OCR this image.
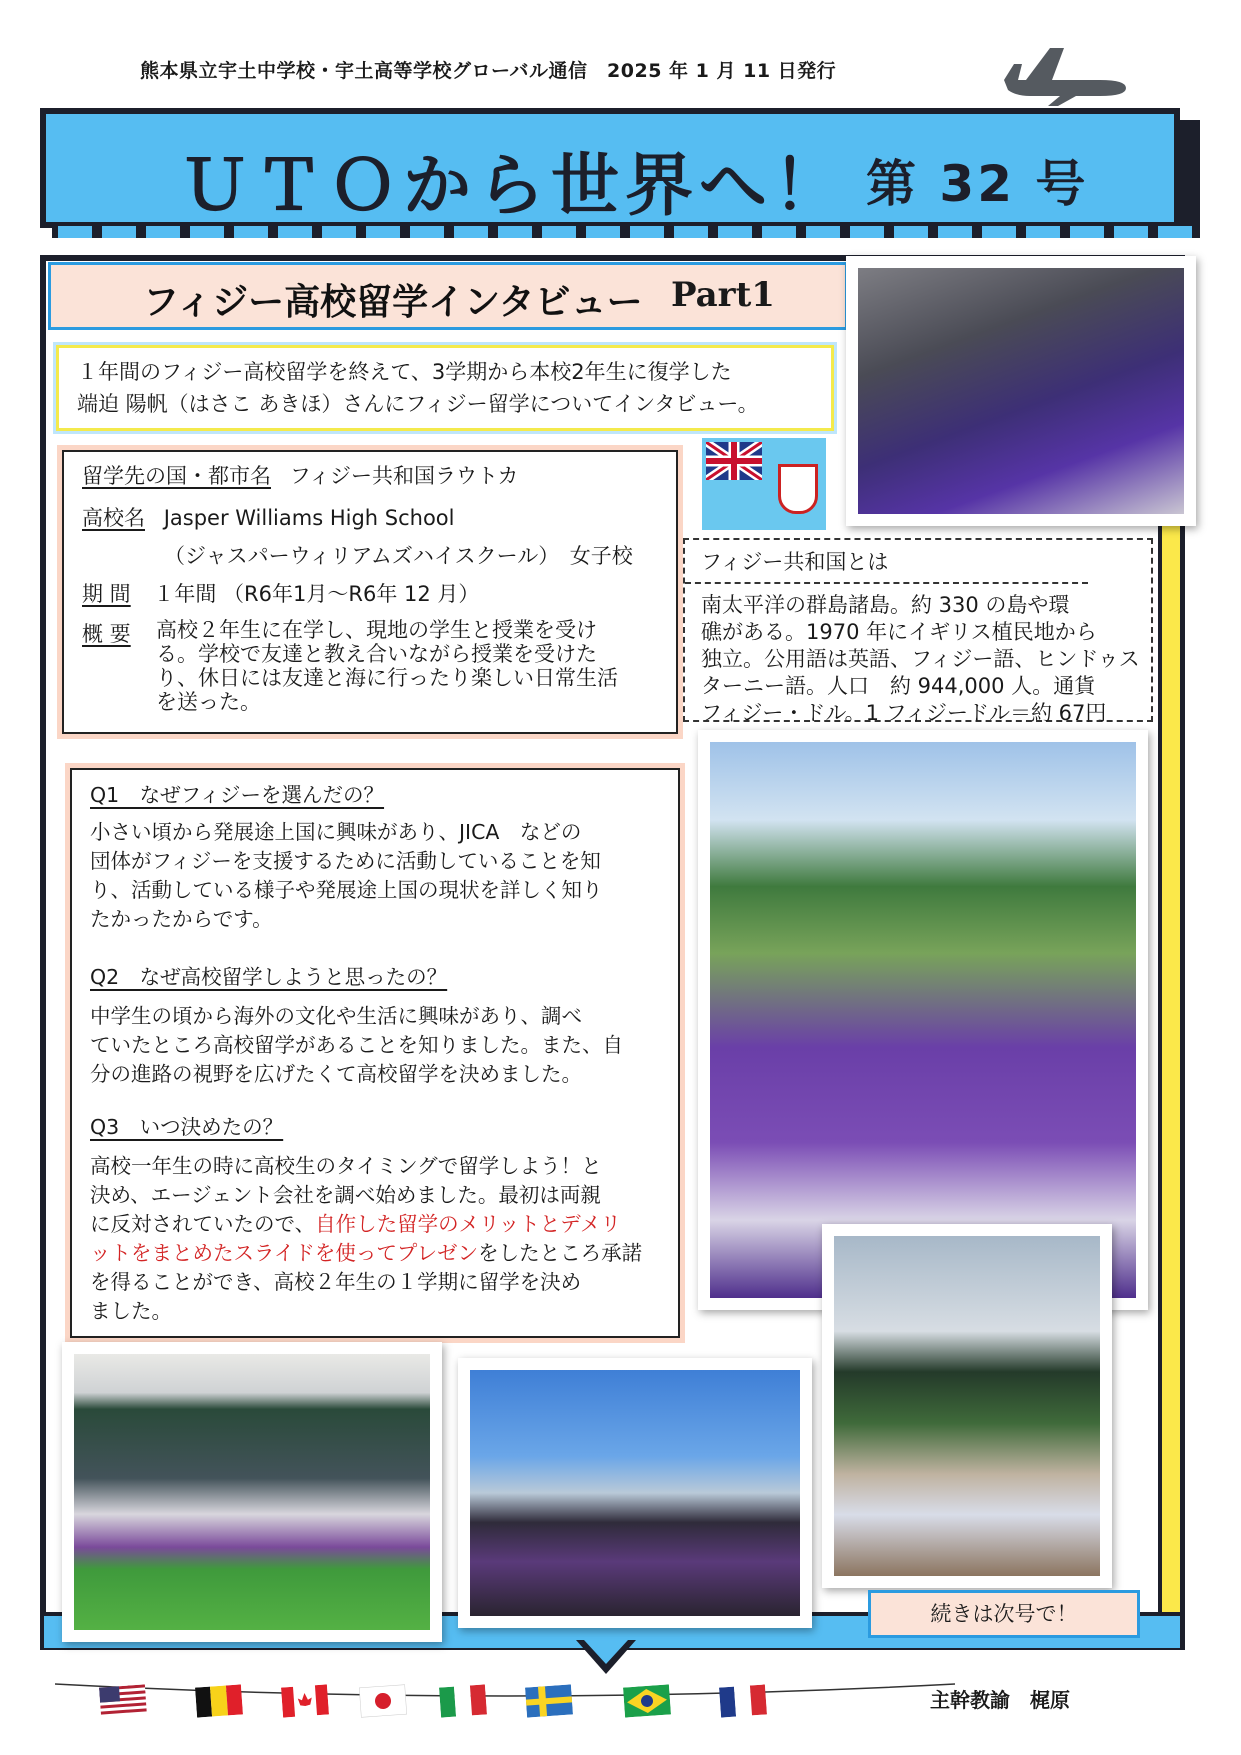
熊本県立宇土中学校・宇土高等学校グローバル通信　2025 年 1 月 11 日発行
ＵＴＯから世界へ！ 第 32 号
フィジー高校留学インタビュー Part1
１年間のフィジー高校留学を終えて、3学期から本校2年生に復学した
端迫 陽帆（はさこ あきほ）さんにフィジー留学についてインタビュー。
留学先の国・都市名 フィジー共和国ラウトカ
高校名 Jasper Williams High School
（ジャスパーウィリアムズハイスクール）　女子校
期 間 １年間 （R6年1月～R6年 12 月）
概 要 高校２年生に在学し、現地の学生と授業を受け
る。学校で友達と教え合いながら授業を受けた
り、休日には友達と海に行ったり楽しい日常生活
を送った。
フィジー共和国とは
南太平洋の群島諸島。約 330 の島や環
礁がある。1970 年にイギリス植民地から
独立。公用語は英語、フィジー語、ヒンドゥス
ターニー語。人口　約 944,000 人。通貨
フィジー・ドル。1 フィジードル＝約 67円
Q1　なぜフィジーを選んだの？
小さい頃から発展途上国に興味があり、JICA　などの
団体がフィジーを支援するために活動していることを知
り、活動している様子や発展途上国の現状を詳しく知り
たかったからです。
Q2　なぜ高校留学しようと思ったの？
中学生の頃から海外の文化や生活に興味があり、調べ
ていたところ高校留学があることを知りました。また、自
分の進路の視野を広げたくて高校留学を決めました。
Q3　いつ決めたの？
高校一年生の時に高校生のタイミングで留学しよう！と
決め、エージェント会社を調べ始めました。最初は両親
に反対されていたので、自作した留学のメリットとデメリ
ットをまとめたスライドを使ってプレゼンをしたところ承諾
を得ることができ、高校２年生の１学期に留学を決め
ました。
続きは次号で！
主幹教諭　梶原
